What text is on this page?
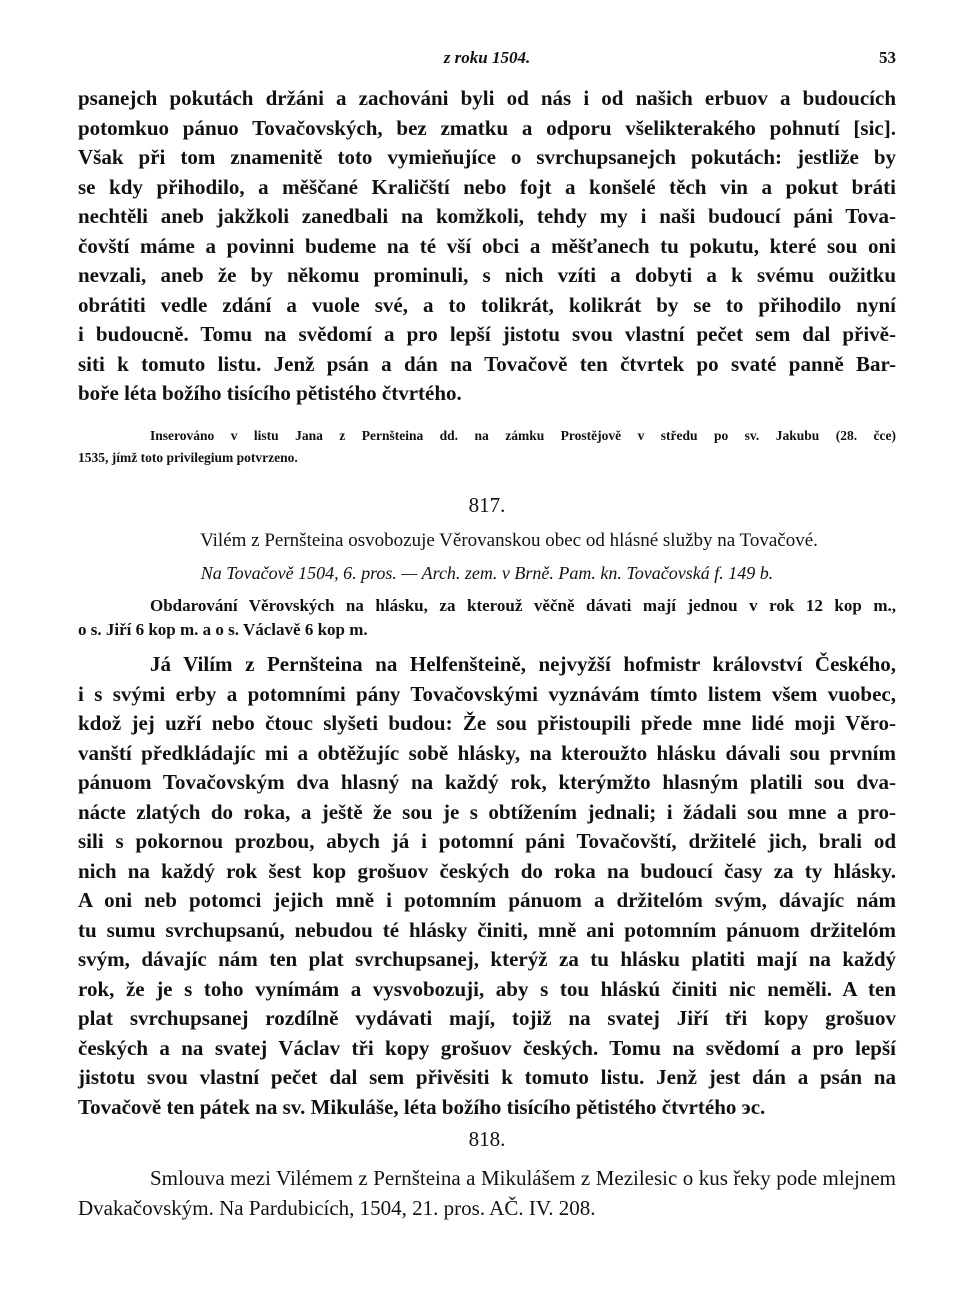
z roku 1504.	53
psanejch pokutách držáni a zachováni byli od nás i od našich erbuov a budoucích
potomkuo pánuo Tovačovských, bez zmatku a odporu všelikterakého pohnutí [sic].
Však při tom znamenitě toto vymieňujíce o svrchupsanejch pokutách: jestliže by
se kdy přihodilo, a měščané Kraličští nebo fojt a konšelé těch vin a pokut bráti
nechtěli aneb jakžkoli zanedbali na komžkoli, tehdy my i naši budoucí páni Tova-
čovští máme a povinni budeme na té vší obci a měšťanech tu pokutu, které sou oni
nevzali, aneb že by někomu prominuli, s nich vzíti a dobyti a k svému oužitku
obrátiti vedle zdání a vuole své, a to tolikrát, kolikrát by se to přihodilo nyní
i budoucně. Tomu na svědomí a pro lepší jistotu svou vlastní pečet sem dal přivě-
siti k tomuto listu. Jenž psán a dán na Tovačově ten čtvrtek po svaté panně Bar-
boře léta božího tisícího pětistého čtvrtého.
Inserováno v listu Jana z Pernšteina dd. na zámku Prostějově v středu po sv. Jakubu (28. čce)
1535, jímž toto privilegium potvrzeno.
817.
Vilém z Pernšteina osvobozuje Věrovanskou obec od hlásné služby na Tovačové.
Na Tovačově 1504, 6. pros. — Arch. zem. v Brně. Pam. kn. Tovačovská f. 149 b.
Obdarování Věrovských na hlásku, za kterouž věčně dávati mají jednou v rok 12 kop m.,
o s. Jiří 6 kop m. a o s. Václavě 6 kop m.
Já Vilím z Pernšteina na Helfenšteině, nejvyžší hofmistr království Českého,
i s svými erby a potomními pány Tovačovskými vyznávám tímto listem všem vuobec,
kdož jej uzří nebo čtouc slyšeti budou: Že sou přistoupili přede mne lidé moji Věro-
vanští předkládajíc mi a obtěžujíc sobě hlásky, na kteroužto hlásku dávali sou prvním
pánuom Tovačovským dva hlasný na každý rok, kterýmžto hlasným platili sou dva-
nácte zlatých do roka, a ještě že sou je s obtížením jednali; i žádali sou mne a pro-
sili s pokornou prozbou, abych já i potomní páni Tovačovští, držitelé jich, brali od
nich na každý rok šest kop grošuov českých do roka na budoucí časy za ty hlásky.
A oni neb potomci jejich mně i potomním pánuom a držitelóm svým, dávajíc nám
tu sumu svrchupsanú, nebudou té hlásky činiti, mně ani potomním pánuom držitelóm
svým, dávajíc nám ten plat svrchupsanej, kterýž za tu hlásku platiti mají na každý
rok, že je s toho vynímám a vysvobozuji, aby s tou hláskú činiti nic neměli. A ten
plat svrchupsanej rozdílně vydávati mají, tojiž na svatej Jiří tři kopy grošuov
českých a na svatej Václav tři kopy grošuov českých. Tomu na svědomí a pro lepší
jistotu svou vlastní pečet dal sem přivěsiti k tomuto listu. Jenž jest dán a psán na
Tovačově ten pátek na sv. Mikuláše, léta božího tisícího pětistého čtvrtého эc.
818.
Smlouva mezi Vilémem z Pernšteina a Mikulášem z Mezilesic o kus řeky pode mlejnem
Dvakačovským. Na Pardubicích, 1504, 21. pros. AČ. IV. 208.
